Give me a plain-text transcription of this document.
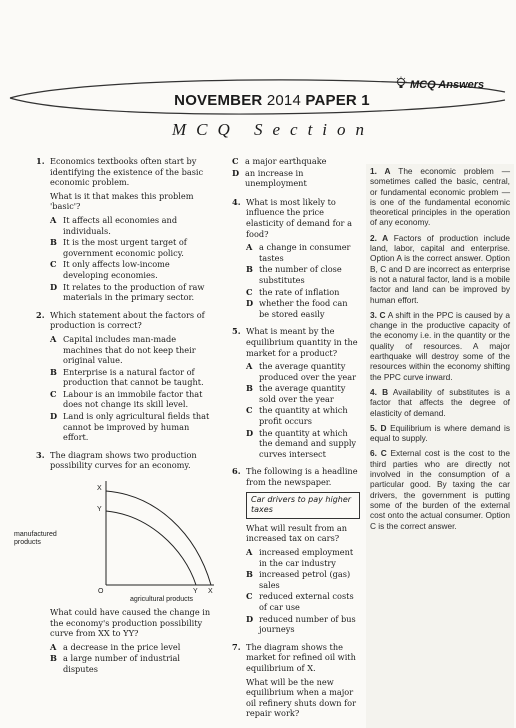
MCQ Answers
NOVEMBER 2014 PAPER 1
MCQ Section
1. Economics textbooks often start by identifying the existence of the basic economic problem.

What is it that makes this problem 'basic'?

A It affects all economies and individuals.
B It is the most urgent target of government economic policy.
C It only affects low-income developing economies.
D It relates to the production of raw materials in the primary sector.
2. Which statement about the factors of production is correct?

A Capital includes man-made machines that do not keep their original value.
B Enterprise is a natural factor of production that cannot be taught.
C Labour is an immobile factor that does not change its skill level.
D Land is only agricultural fields that cannot be improved by human effort.
3. The diagram shows two production possibility curves for an economy.

X
Y
manufactured products
O	Y X
agricultural products

What could have caused the change in the economy's production possibility curve from XX to YY?

A a decrease in the price level
B a large number of industrial disputes
C a major earthquake
D an increase in unemployment
4. What is most likely to influence the price elasticity of demand for a food?

A a change in consumer tastes
B the number of close substitutes
C the rate of inflation
D whether the food can be stored easily
5. What is meant by the equilibrium quantity in the market for a product?

A the average quantity produced over the year
B the average quantity sold over the year
C the quantity at which profit occurs
D the quantity at which the demand and supply curves intersect
6. The following is a headline from the newspaper.

Car drivers to pay higher taxes

What will result from an increased tax on cars?

A increased employment in the car industry
B increased petrol (gas) sales
C reduced external costs of car use
D reduced number of bus journeys
7. The diagram shows the market for refined oil with equilibrium of X.

What will be the new equilibrium when a major oil refinery shuts down for repair work?

1. A The economic problem — sometimes called the basic, central, or fundamental economic problem — is one of the fundamental economic theoretical principles in the operation of any economy.
2. A Factors of production include land, labor, capital and enterprise. Option A is the correct answer. Option B, C and D are incorrect as enterprise is not a natural factor, land is a mobile factor and land can be improved by human effort.
3. C A shift in the PPC is caused by a change in the productive capacity of the economy i.e. in the quantity or the quality of resources. A major earthquake will destroy some of the resources within the economy shifting the PPC curve inward.
4. B Availability of substitutes is a factor that affects the degree of elasticity of demand.
5. D Equilibrium is where demand is equal to supply.
6. C External cost is the cost to the third parties who are directly not involved in the consumption of a particular good. By taxing the car drivers, the government is putting some of the burden of the external cost onto the actual consumer. Option C is the correct answer.
